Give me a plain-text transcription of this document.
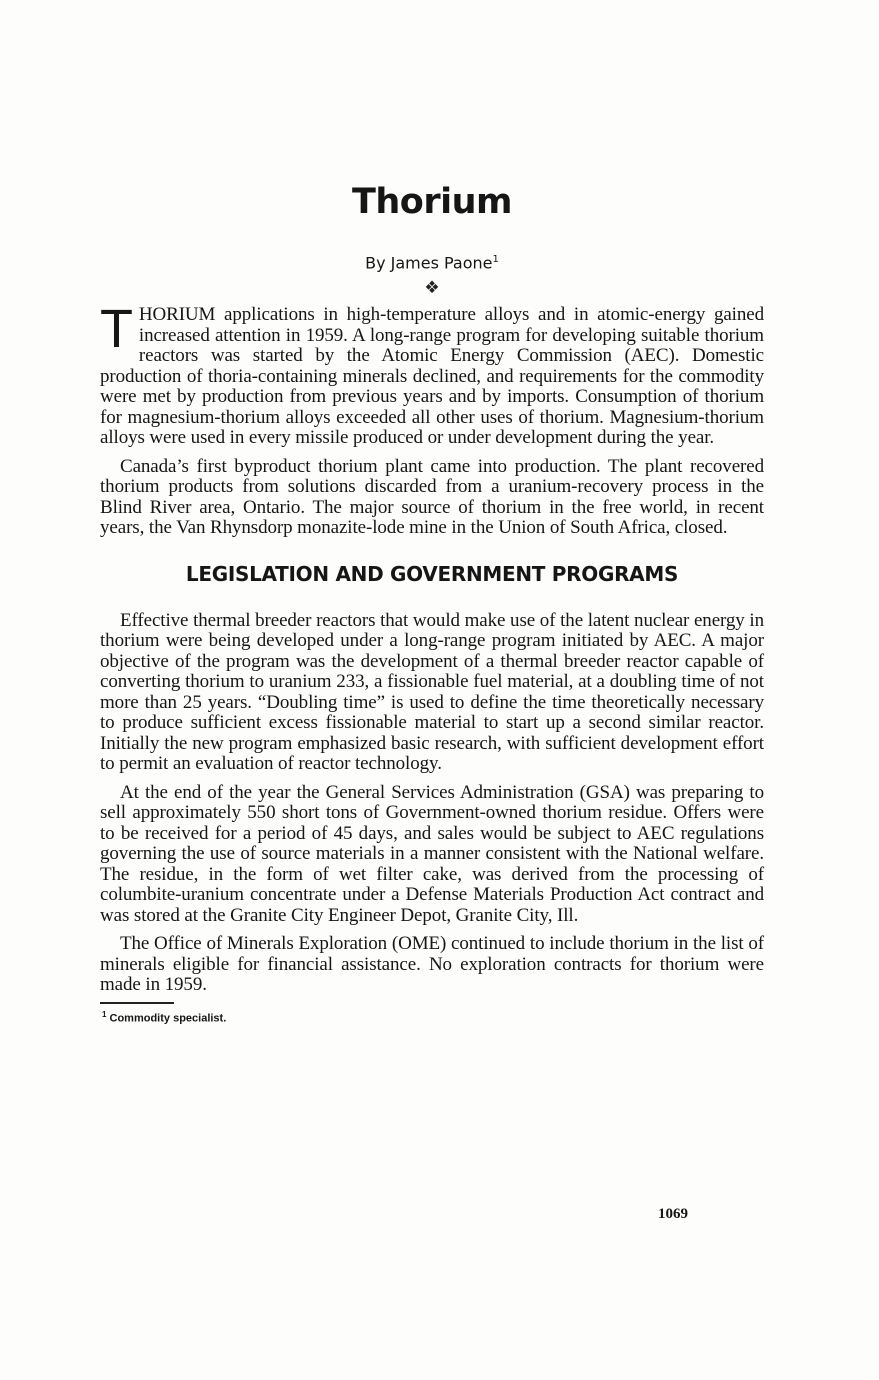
Thorium
By James Paone$^1$
❖

THORIUM applications in high-temperature alloys and in atomic-energy gained increased attention in 1959. A long-range program for developing suitable thorium reactors was started by the Atomic Energy Commission (AEC). Domestic production of thoria-containing minerals declined, and requirements for the commodity were met by production from previous years and by imports. Consumption of thorium for magnesium-thorium alloys exceeded all other uses of thorium. Magnesium-thorium alloys were used in every missile produced or under development during the year.

Canada’s first byproduct thorium plant came into production. The plant recovered thorium products from solutions discarded from a uranium-recovery process in the Blind River area, Ontario. The major source of thorium in the free world, in recent years, the Van Rhynsdorp monazite-lode mine in the Union of South Africa, closed.

LEGISLATION AND GOVERNMENT PROGRAMS

Effective thermal breeder reactors that would make use of the latent nuclear energy in thorium were being developed under a long-range program initiated by AEC. A major objective of the program was the development of a thermal breeder reactor capable of converting thorium to uranium 233, a fissionable fuel material, at a doubling time of not more than 25 years. “Doubling time” is used to define the time theoretically necessary to produce sufficient excess fissionable material to start up a second similar reactor. Initially the new program emphasized basic research, with sufficient development effort to permit an evaluation of reactor technology.

At the end of the year the General Services Administration (GSA) was preparing to sell approximately 550 short tons of Government-owned thorium residue. Offers were to be received for a period of 45 days, and sales would be subject to AEC regulations governing the use of source materials in a manner consistent with the National welfare. The residue, in the form of wet filter cake, was derived from the processing of columbite-uranium concentrate under a Defense Materials Production Act contract and was stored at the Granite City Engineer Depot, Granite City, Ill.

The Office of Minerals Exploration (OME) continued to include thorium in the list of minerals eligible for financial assistance. No exploration contracts for thorium were made in 1959.

$^1$ Commodity specialist.
1069
